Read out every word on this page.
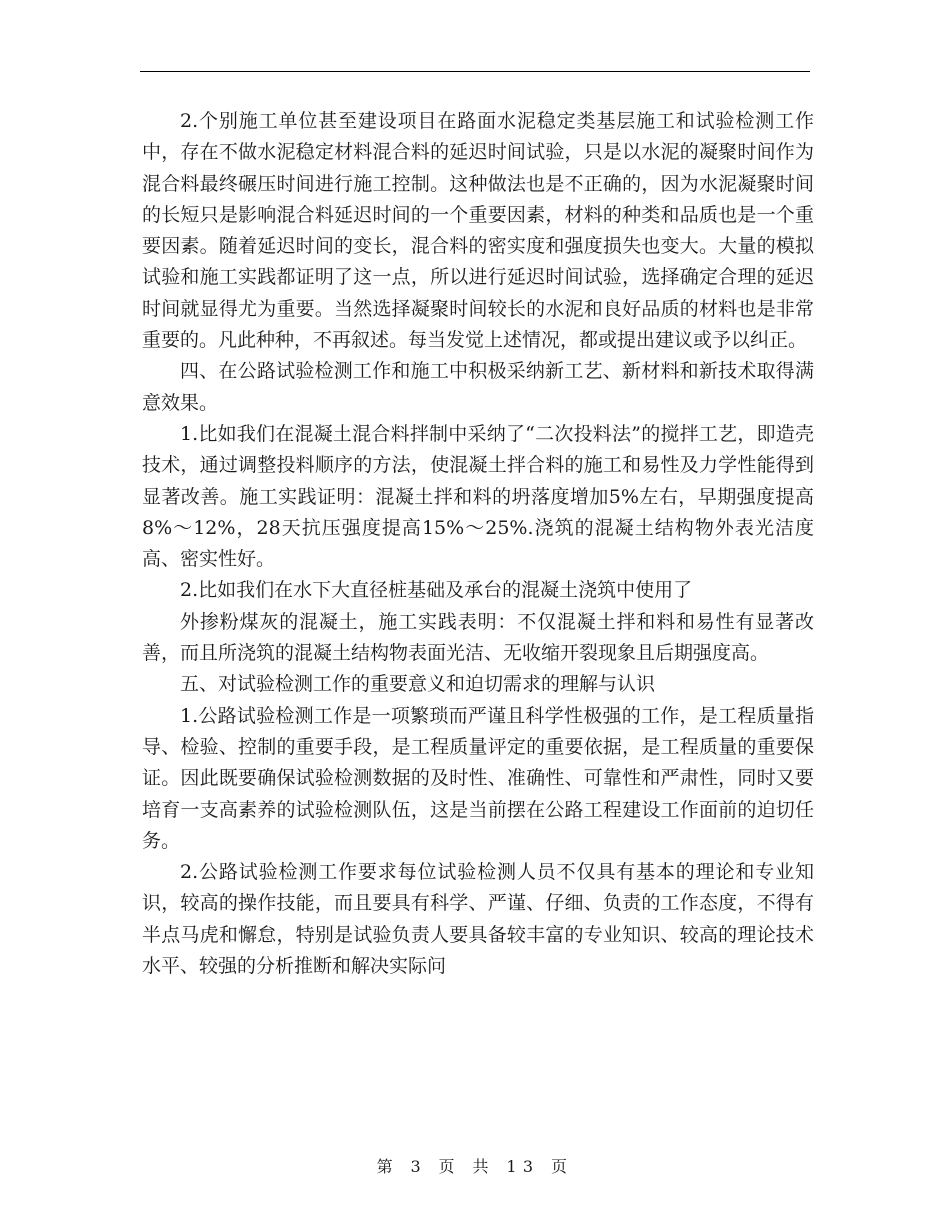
2.个别施工单位甚至建设项目在路面水泥稳定类基层施工和试验检测工作中，存在不做水泥稳定材料混合料的延迟时间试验，只是以水泥的凝聚时间作为混合料最终碾压时间进行施工控制。这种做法也是不正确的，因为水泥凝聚时间的长短只是影响混合料延迟时间的一个重要因素，材料的种类和品质也是一个重要因素。随着延迟时间的变长，混合料的密实度和强度损失也变大。大量的模拟试验和施工实践都证明了这一点，所以进行延迟时间试验，选择确定合理的延迟时间就显得尤为重要。当然选择凝聚时间较长的水泥和良好品质的材料也是非常重要的。凡此种种，不再叙述。每当发觉上述情况，都或提出建议或予以纠正。

四、在公路试验检测工作和施工中积极采纳新工艺、新材料和新技术取得满意效果。

1.比如我们在混凝土混合料拌制中采纳了“二次投料法”的搅拌工艺，即造壳技术，通过调整投料顺序的方法，使混凝土拌合料的施工和易性及力学性能得到显著改善。施工实践证明：混凝土拌和料的坍落度增加5%左右，早期强度提高8%～12%，28天抗压强度提高15%～25%.浇筑的混凝土结构物外表光洁度高、密实性好。

2.比如我们在水下大直径桩基础及承台的混凝土浇筑中使用了

外掺粉煤灰的混凝土，施工实践表明：不仅混凝土拌和料和易性有显著改善，而且所浇筑的混凝土结构物表面光洁、无收缩开裂现象且后期强度高。

五、对试验检测工作的重要意义和迫切需求的理解与认识

1.公路试验检测工作是一项繁琐而严谨且科学性极强的工作，是工程质量指导、检验、控制的重要手段，是工程质量评定的重要依据，是工程质量的重要保证。因此既要确保试验检测数据的及时性、准确性、可靠性和严肃性，同时又要培育一支高素养的试验检测队伍，这是当前摆在公路工程建设工作面前的迫切任务。

2.公路试验检测工作要求每位试验检测人员不仅具有基本的理论和专业知识，较高的操作技能，而且要具有科学、严谨、仔细、负责的工作态度，不得有半点马虎和懈怠，特别是试验负责人要具备较丰富的专业知识、较高的理论技术水平、较强的分析推断和解决实际问

第 3 页 共 13 页
